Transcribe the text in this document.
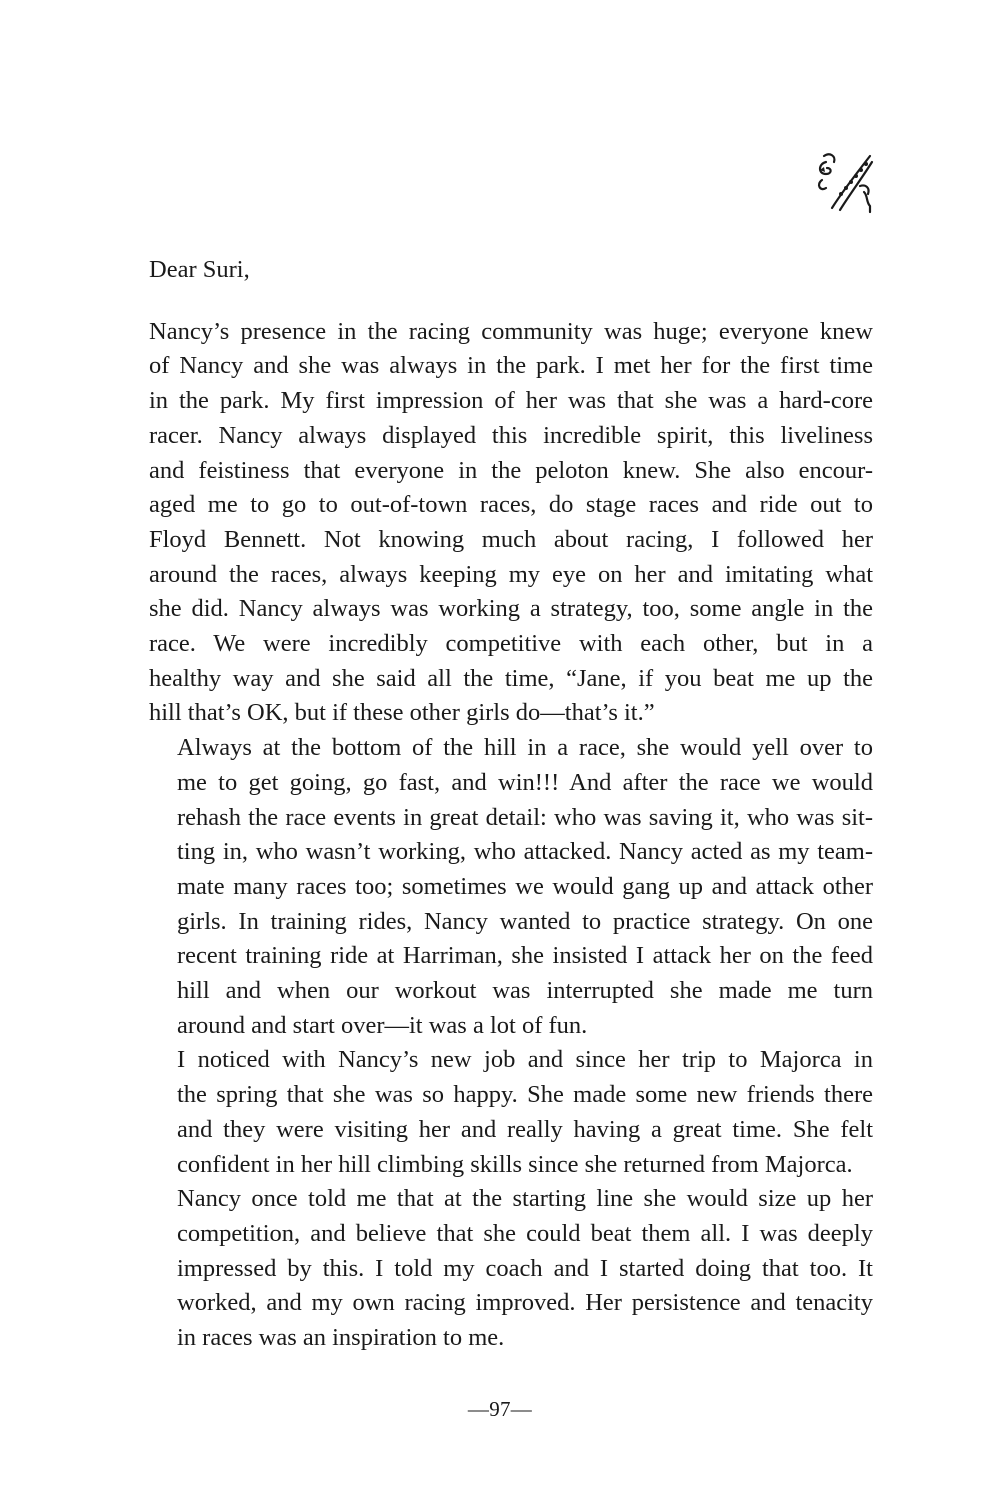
Dear Suri,

Nancy’s presence in the racing community was huge; everyone knew
of Nancy and she was always in the park. I met her for the first time
in the park. My first impression of her was that she was a hard-core
racer. Nancy always displayed this incredible spirit, this liveliness
and feistiness that everyone in the peloton knew. She also encour-
aged me to go to out-of-town races, do stage races and ride out to
Floyd Bennett. Not knowing much about racing, I followed her
around the races, always keeping my eye on her and imitating what
she did. Nancy always was working a strategy, too, some angle in the
race. We were incredibly competitive with each other, but in a
healthy way and she said all the time, “Jane, if you beat me up the
hill that’s OK, but if these other girls do—that’s it.”
Always at the bottom of the hill in a race, she would yell over to
me to get going, go fast, and win!!! And after the race we would
rehash the race events in great detail: who was saving it, who was sit-
ting in, who wasn’t working, who attacked. Nancy acted as my team-
mate many races too; sometimes we would gang up and attack other
girls. In training rides, Nancy wanted to practice strategy. On one
recent training ride at Harriman, she insisted I attack her on the feed
hill and when our workout was interrupted she made me turn
around and start over—it was a lot of fun.
I noticed with Nancy’s new job and since her trip to Majorca in
the spring that she was so happy. She made some new friends there
and they were visiting her and really having a great time. She felt
confident in her hill climbing skills since she returned from Majorca.
Nancy once told me that at the starting line she would size up her
competition, and believe that she could beat them all. I was deeply
impressed by this. I told my coach and I started doing that too. It
worked, and my own racing improved. Her persistence and tenacity
in races was an inspiration to me.
—97—
